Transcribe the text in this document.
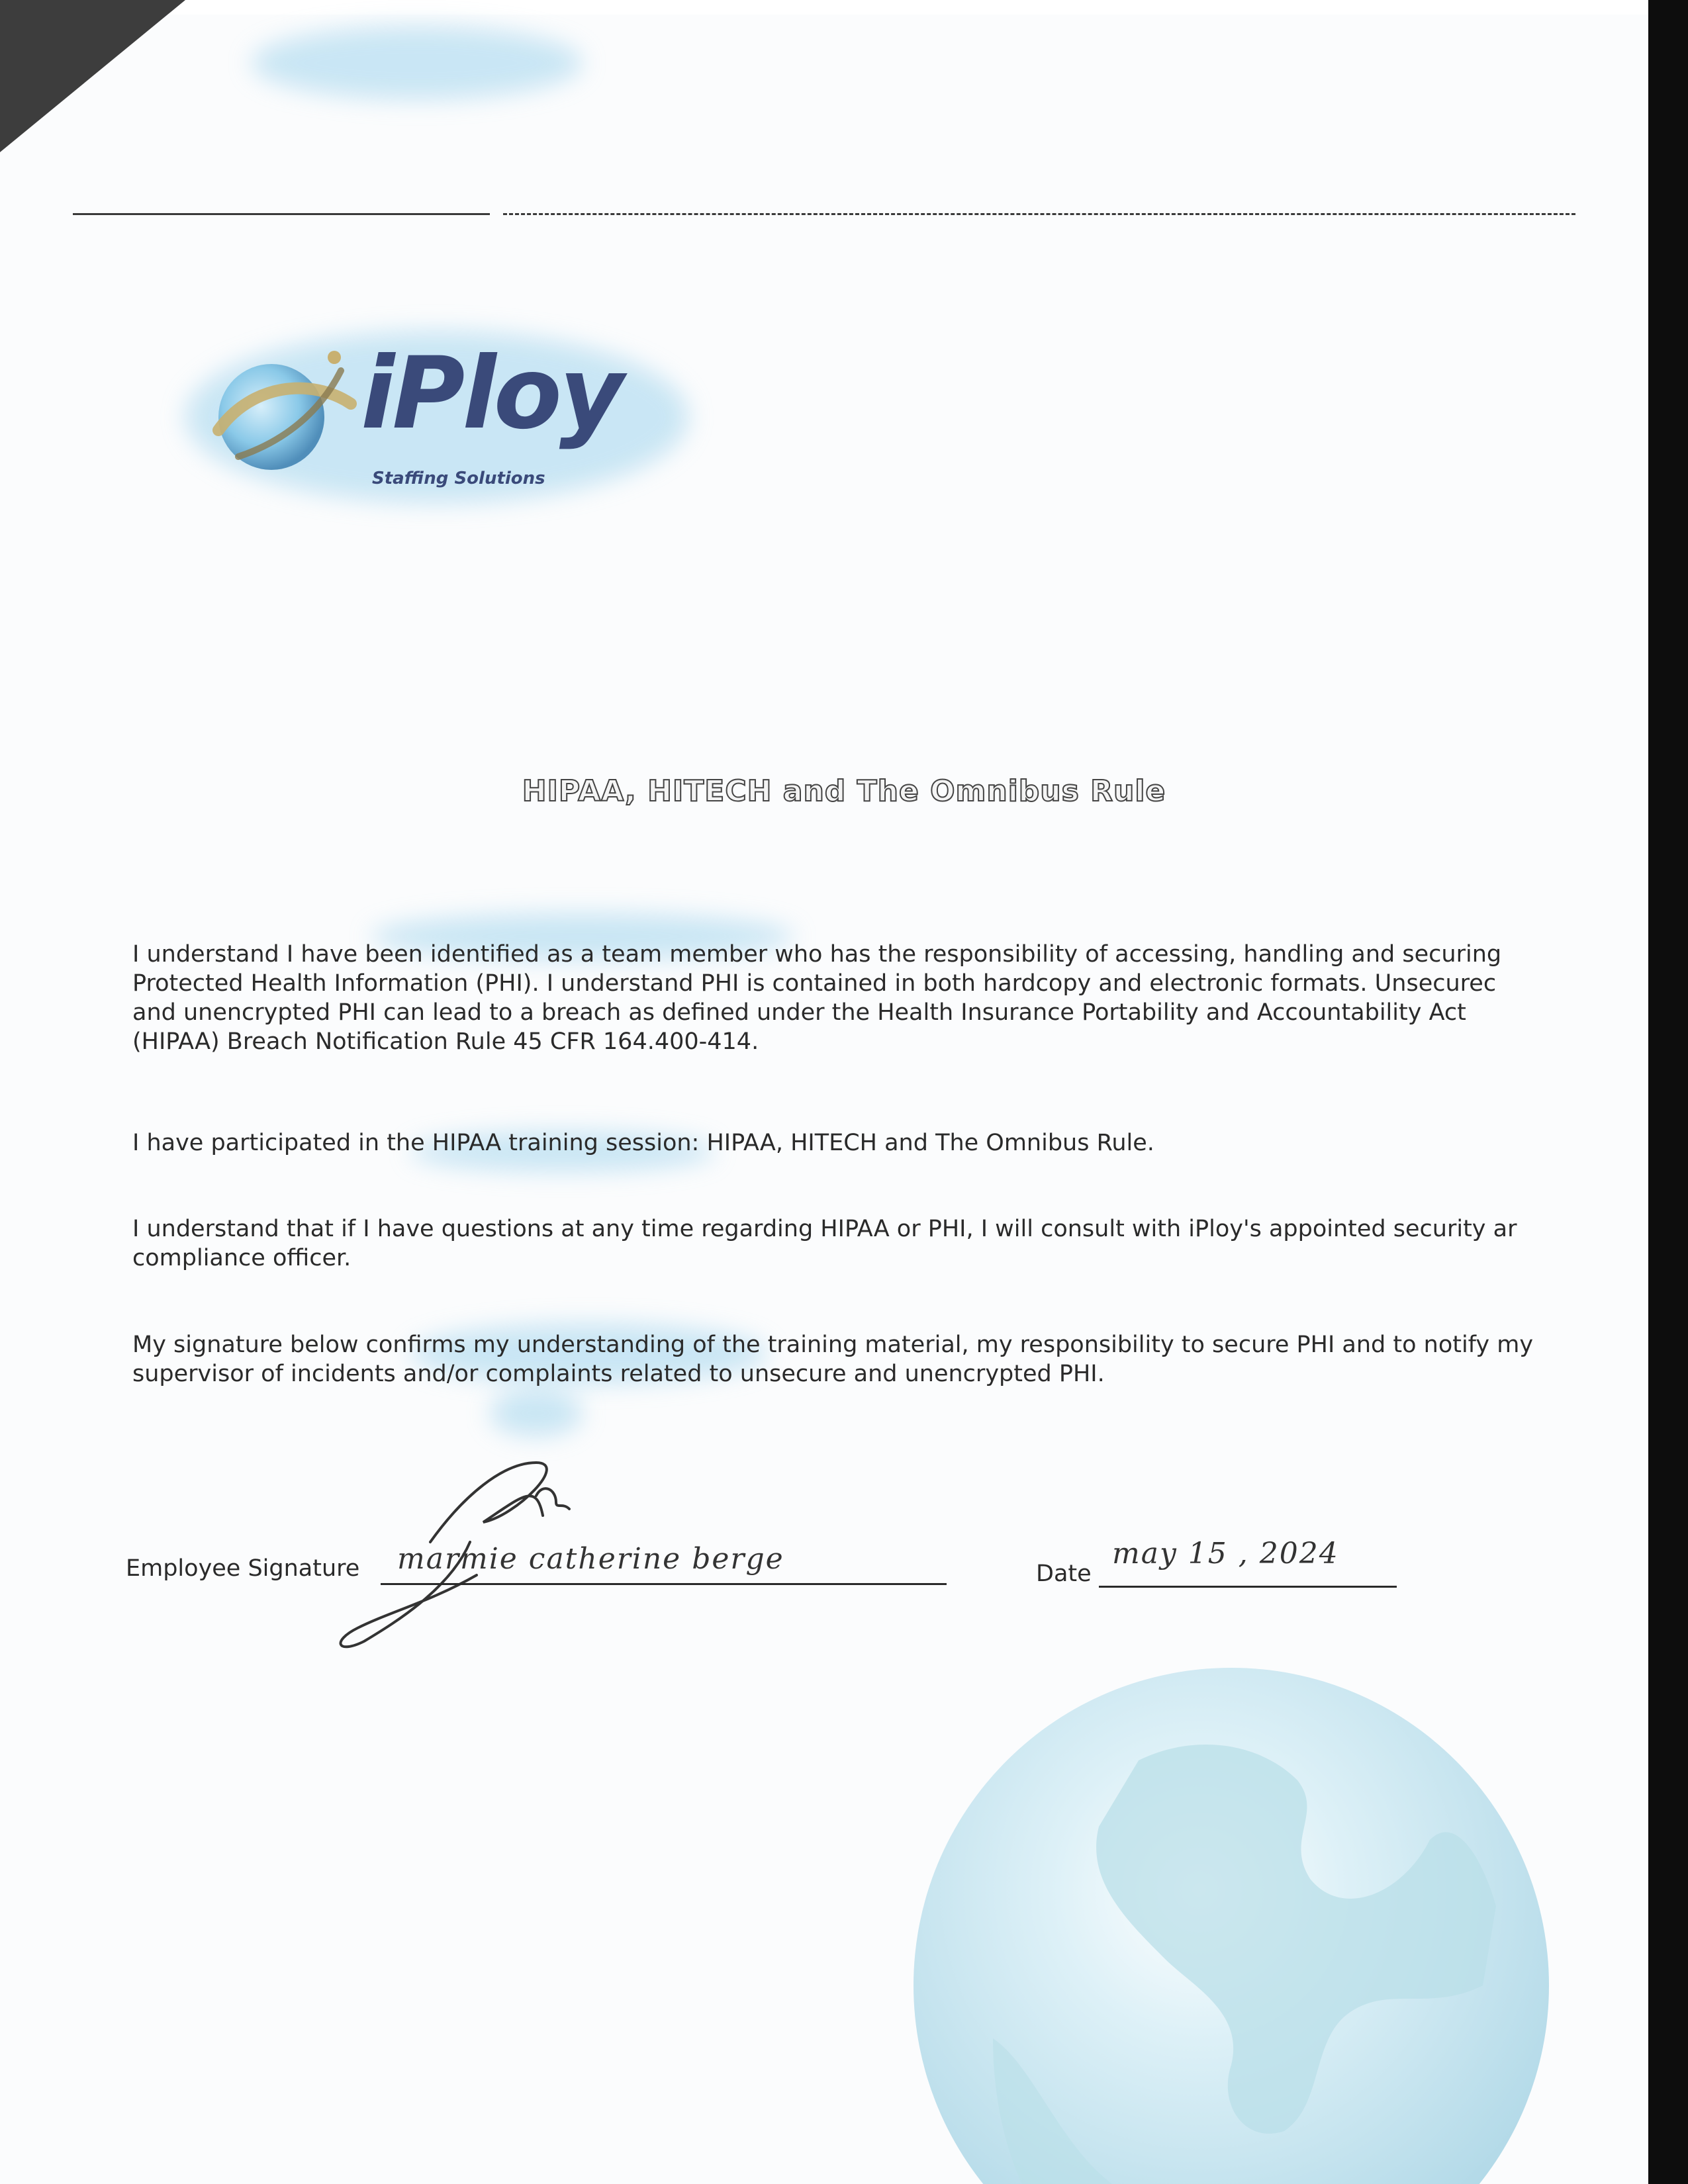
iPloy
Staffing Solutions
HIPAA, HITECH and The Omnibus Rule
I understand I have been identified as a team member who has the responsibility of accessing, handling and securing
Protected Health Information (PHI). I understand PHI is contained in both hardcopy and electronic formats. Unsecurec
and unencrypted PHI can lead to a breach as defined under the Health Insurance Portability and Accountability Act
(HIPAA) Breach Notification Rule 45 CFR 164.400-414.
I have participated in the HIPAA training session: HIPAA, HITECH and The Omnibus Rule.
I understand that if I have questions at any time regarding HIPAA or PHI, I will consult with iPloy's appointed security ar
compliance officer.
My signature below confirms my understanding of the training material, my responsibility to secure PHI and to notify my
supervisor of incidents and/or complaints related to unsecure and unencrypted PHI.
Employee Signature marmie catherine berge	Date
may 15 , 2024
